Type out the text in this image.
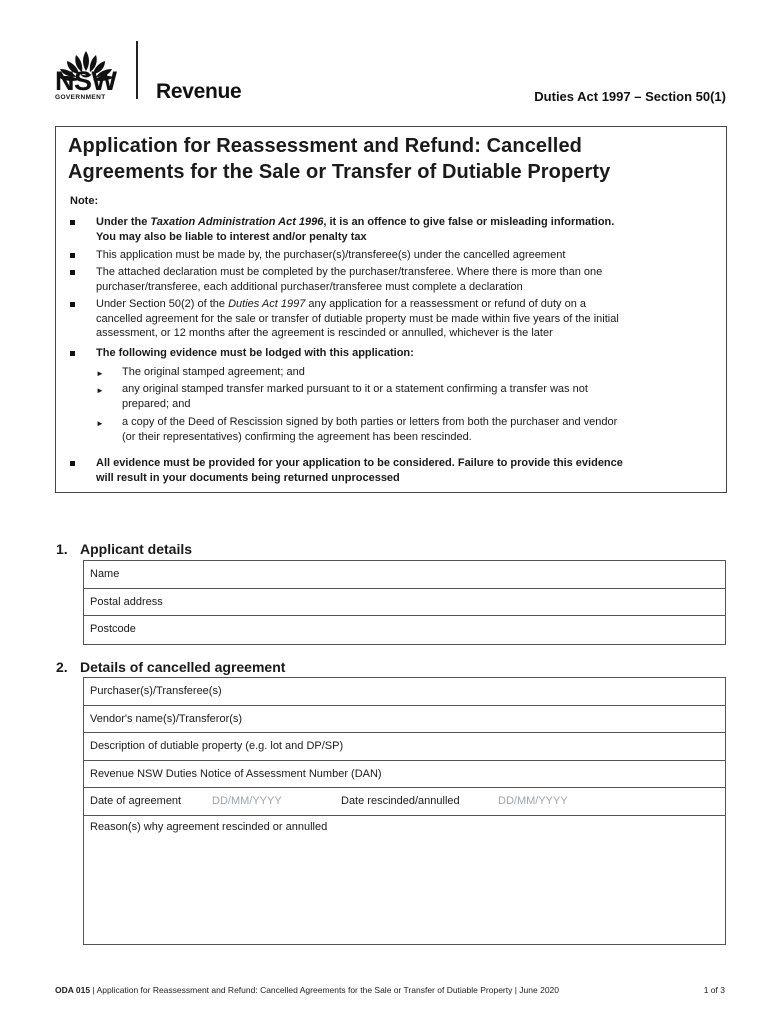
NSW
GOVERNMENT Revenue	Duties Act 1997 – Section 50(1)
Application for Reassessment and Refund: Cancelled
Agreements for the Sale or Transfer of Dutiable Property
Note:
Under the Taxation Administration Act 1996, it is an offence to give false or misleading information.
You may also be liable to interest and/or penalty tax
This application must be made by, the purchaser(s)/transferee(s) under the cancelled agreement
The attached declaration must be completed by the purchaser/transferee. Where there is more than one
purchaser/transferee, each additional purchaser/transferee must complete a declaration
Under Section 50(2) of the Duties Act 1997 any application for a reassessment or refund of duty on a
cancelled agreement for the sale or transfer of dutiable property must be made within five years of the initial
assessment, or 12 months after the agreement is rescinded or annulled, whichever is the later
The following evidence must be lodged with this application:
► The original stamped agreement; and
► any original stamped transfer marked pursuant to it or a statement confirming a transfer was not
prepared; and
► a copy of the Deed of Rescission signed by both parties or letters from both the purchaser and vendor
(or their representatives) confirming the agreement has been rescinded.
All evidence must be provided for your application to be considered. Failure to provide this evidence
will result in your documents being returned unprocessed
1. Applicant details
Name
Postal address
Postcode
2. Details of cancelled agreement
Purchaser(s)/Transferee(s)
Vendor's name(s)/Transferor(s)
Description of dutiable property (e.g. lot and DP/SP)
Revenue NSW Duties Notice of Assessment Number (DAN)
Date of agreement	DD/MM/YYYY	Date rescinded/annulled	DD/MM/YYYY
Reason(s) why agreement rescinded or annulled
ODA 015 | Application for Reassessment and Refund: Cancelled Agreements for the Sale or Transfer of Dutiable Property | June 2020	1 of 3
